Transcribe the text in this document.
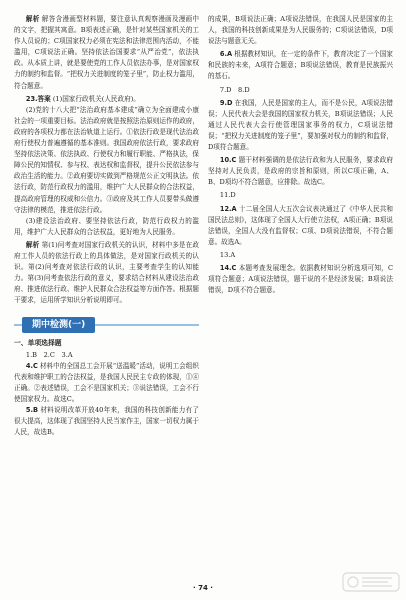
解析 解答含漫画型材料题，要注意认真观察漫画及漫画中的文字，把握其寓意。B项表述正确，是针对某些国家机关的工作人员说的；C项国家权力必须在宪法和法律范围内活动，不能滥用，C项说法正确。坚持依法治国要求“从严治党”，依法执政。从本质上讲，就是要使党的工作人员依法办事，是对国家权力的制约和监督。“把权力关进制度的笼子里”，防止权力滥用，符合题意。

23.答案 (1)国家行政机关(人民政府)。

(2)党的十八大把“法治政府基本建成”确立为全面建成小康社会的一项重要目标。法治政府就是按照法治原则运作的政府，政府的各项权力都在法治轨道上运行。①依法行政是现代法治政府行使权力普遍遵循的基本准则。我国政府依法行政，要求政府坚持依法决策、依法执政、行使权力和履行职能、严格执法，保障公民的知情权、参与权、表达权和监督权，提升公民依法参与政治生活的能力。②政府要切实做到严格规范公正文明执法。依法行政，防范行政权力的滥用，维护广大人民群众的合法权益，提高政府管理的权威和公信力。③政府及其工作人员要带头做遵守法律的模范，推进依法行政。

(3)建设法治政府、要坚持依法行政，防范行政权力的滥用，维护广大人民群众的合法权益，更好地为人民服务。

解析 第(1)问考查对国家行政机关的认识，材料中多是在政府工作人员的依法行政上的具体做法，是对国家行政机关的认识。第(2)问考查对依法行政的认识，主要考查学生的认知能力。第(3)问考查依法行政的意义，要求结合材料从建设法治政府、推进依法行政、维护人民群众合法权益等方面作答。根据题干要求，运用所学知识分析说明即可。

期中检测(一)

一、单项选择题

1.B　2.C　3.A

4.C 材料中的全国总工会开展“送温暖”活动，说明工会组织代表和维护职工的合法权益，是我国人民民主专政的体现，①④正确。②表述错误，工会不是国家机关；③说法错误，工会不行使国家权力。故选C。

5.B 材料说明改革开放40年来，我国的科技创新能力有了很大提高，这体现了我国坚持人民当家作主，国家一切权力属于人民，故选B。

的成果，B项说法正确；A项说法错误，在我国人民是国家的主人，我国的科技创新成果是为人民服务的；C项说法错误，D项说法与题意无关。

6.A 根据教材知识，在一定的条件下，教育决定了一个国家和民族的未来，A项符合题意；B项说法错误，教育是民族振兴的基石。

7.D　8.D

9.D 在我国，人民是国家的主人，而不是公民，A项说法错误；人民代表大会是我国的国家权力机关，B项说法错误；人民通过人民代表大会行使管理国家事务的权力，C项说法错误；“把权力关进制度的笼子里”，要加强对权力的制约和监督，D项符合题意。

10.C 题干材料强调的是依法行政和为人民服务，要求政府坚持对人民负责，是政府的宗旨和原则，所以C项正确，A、B、D项均不符合题意，应排除。故选C。

11.D

12.A 十二届全国人大五次会议表决通过了《中华人民共和国民法总则》，这体现了全国人大行使立法权，A项正确；B项说法错误，全国人大没有监督权；C项、D项说法错误，不符合题意。故选A。

13.A

14.C 本题考查发展理念。依据教材知识分析选项可知，C项符合题意；A项说法错误，题干说的不是经济发展；B项说法错误，D项不符合题意。

· 74 ·
